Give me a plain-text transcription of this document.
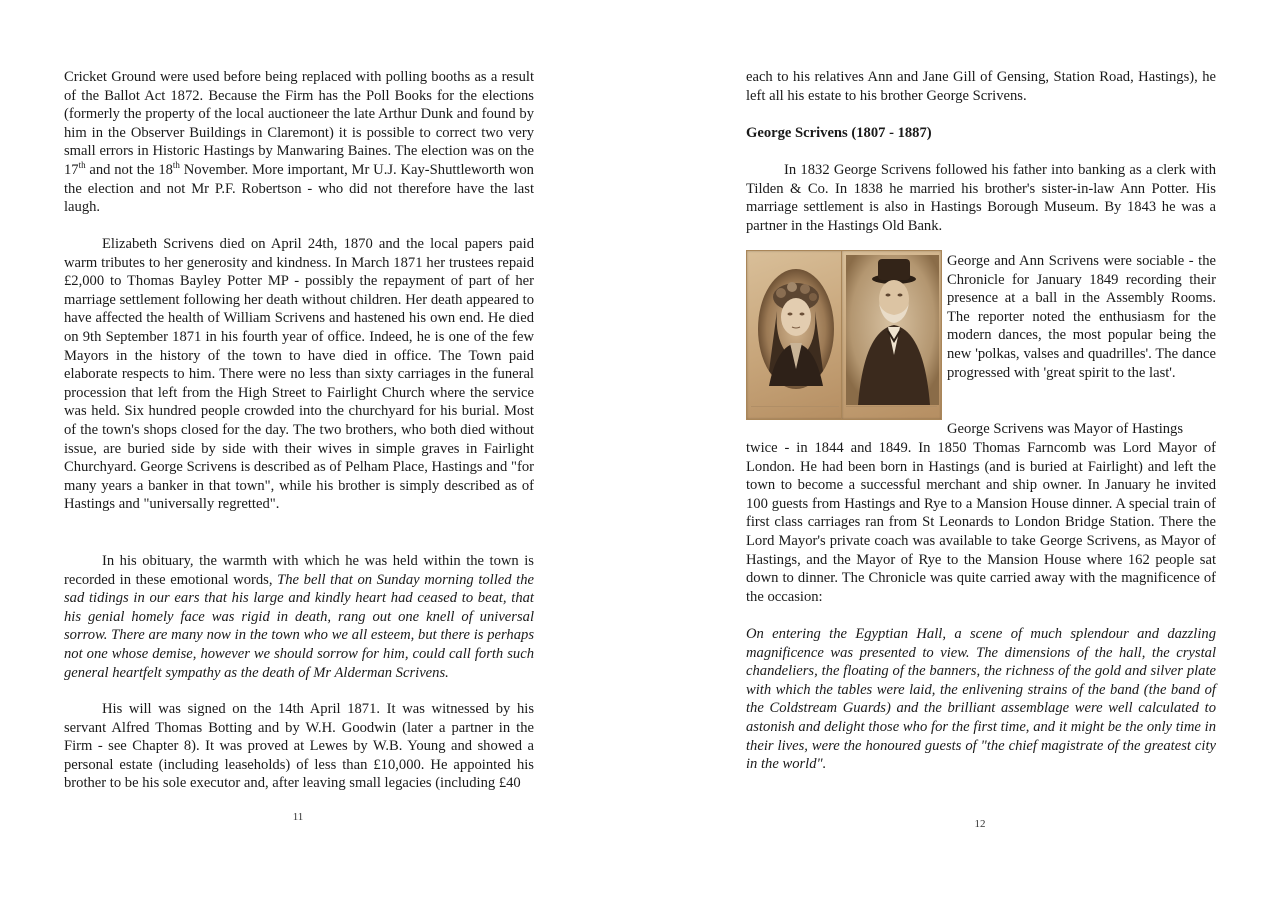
Cricket Ground were used before being replaced with polling booths as a result of the Ballot Act 1872. Because the Firm has the Poll Books for the elections (formerly the property of the local auctioneer the late Arthur Dunk and found by him in the Observer Buildings in Claremont) it is possible to correct two very small errors in Historic Hastings by Manwaring Baines. The election was on the 17th and not the 18th November. More important, Mr U.J. Kay-Shuttleworth won the election and not Mr P.F. Robertson - who did not therefore have the last laugh.

Elizabeth Scrivens died on April 24th, 1870 and the local papers paid warm tributes to her generosity and kindness. In March 1871 her trustees repaid £2,000 to Thomas Bayley Potter MP - possibly the repayment of part of her marriage settlement following her death without children. Her death appeared to have affected the health of William Scrivens and hastened his own end. He died on 9th September 1871 in his fourth year of office. Indeed, he is one of the few Mayors in the history of the town to have died in office. The Town paid elaborate respects to him. There were no less than sixty carriages in the funeral procession that left from the High Street to Fairlight Church where the service was held. Six hundred people crowded into the churchyard for his burial. Most of the town's shops closed for the day. The two brothers, who both died without issue, are buried side by side with their wives in simple graves in Fairlight Churchyard. George Scrivens is described as of Pelham Place, Hastings and "for many years a banker in that town", while his brother is simply described as of Hastings and "universally regretted".

In his obituary, the warmth with which he was held within the town is recorded in these emotional words, The bell that on Sunday morning tolled the sad tidings in our ears that his large and kindly heart had ceased to beat, that his genial homely face was rigid in death, rang out one knell of universal sorrow. There are many now in the town who we all esteem, but there is perhaps not one whose demise, however we should sorrow for him, could call forth such general heartfelt sympathy as the death of Mr Alderman Scrivens.

His will was signed on the 14th April 1871. It was witnessed by his servant Alfred Thomas Botting and by W.H. Goodwin (later a partner in the Firm - see Chapter 8). It was proved at Lewes by W.B. Young and showed a personal estate (including leaseholds) of less than £10,000. He appointed his brother to be his sole executor and, after leaving small legacies (including £40

11

each to his relatives Ann and Jane Gill of Gensing, Station Road, Hastings), he left all his estate to his brother George Scrivens.

George Scrivens (1807 - 1887)

In 1832 George Scrivens followed his father into banking as a clerk with Tilden & Co. In 1838 he married his brother's sister-in-law Ann Potter. His marriage settlement is also in Hastings Borough Museum. By 1843 he was a partner in the Hastings Old Bank.

George and Ann Scrivens were sociable - the Chronicle for January 1849 recording their presence at a ball in the Assembly Rooms. The reporter noted the enthusiasm for the modern dances, the most popular being the new 'polkas, valses and quadrilles'. The dance progressed with 'great spirit to the last'.

George Scrivens was Mayor of Hastings

twice - in 1844 and 1849. In 1850 Thomas Farncomb was Lord Mayor of London. He had been born in Hastings (and is buried at Fairlight) and left the town to become a successful merchant and ship owner. In January he invited 100 guests from Hastings and Rye to a Mansion House dinner. A special train of first class carriages ran from St Leonards to London Bridge Station. There the Lord Mayor's private coach was available to take George Scrivens, as Mayor of Hastings, and the Mayor of Rye to the Mansion House where 162 people sat down to dinner. The Chronicle was quite carried away with the magnificence of the occasion:

On entering the Egyptian Hall, a scene of much splendour and dazzling magnificence was presented to view. The dimensions of the hall, the crystal chandeliers, the floating of the banners, the richness of the gold and silver plate with which the tables were laid, the enlivening strains of the band (the band of the Coldstream Guards) and the brilliant assemblage were well calculated to astonish and delight those who for the first time, and it might be the only time in their lives, were the honoured guests of "the chief magistrate of the greatest city in the world".

12
